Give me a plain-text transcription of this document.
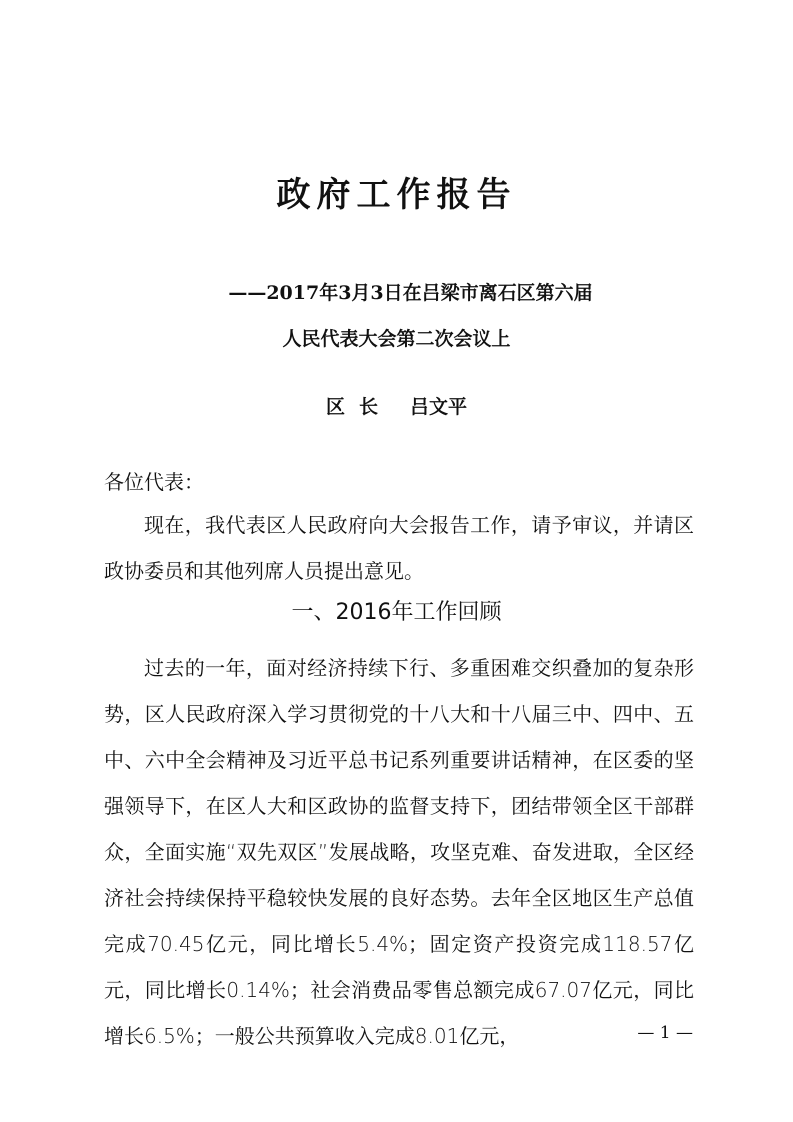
政府工作报告
——2017年3月3日在吕梁市离石区第六届
人民代表大会第二次会议上
区长 吕文平
各位代表：
现在，我代表区人民政府向大会报告工作，请予审议，并请区政协委员和其他列席人员提出意见。
一、2016年工作回顾
过去的一年，面对经济持续下行、多重困难交织叠加的复杂形势，区人民政府深入学习贯彻党的十八大和十八届三中、四中、五中、六中全会精神及习近平总书记系列重要讲话精神，在区委的坚强领导下，在区人大和区政协的监督支持下，团结带领全区干部群众，全面实施“双先双区”发展战略，攻坚克难、奋发进取，全区经济社会持续保持平稳较快发展的良好态势。去年全区地区生产总值完成70.45亿元，同比增长5.4%；固定资产投资完成118.57亿元，同比增长0.14%；社会消费品零售总额完成67.07亿元，同比增长6.5%；一般公共预算收入完成8.01亿元，	— 1 —
